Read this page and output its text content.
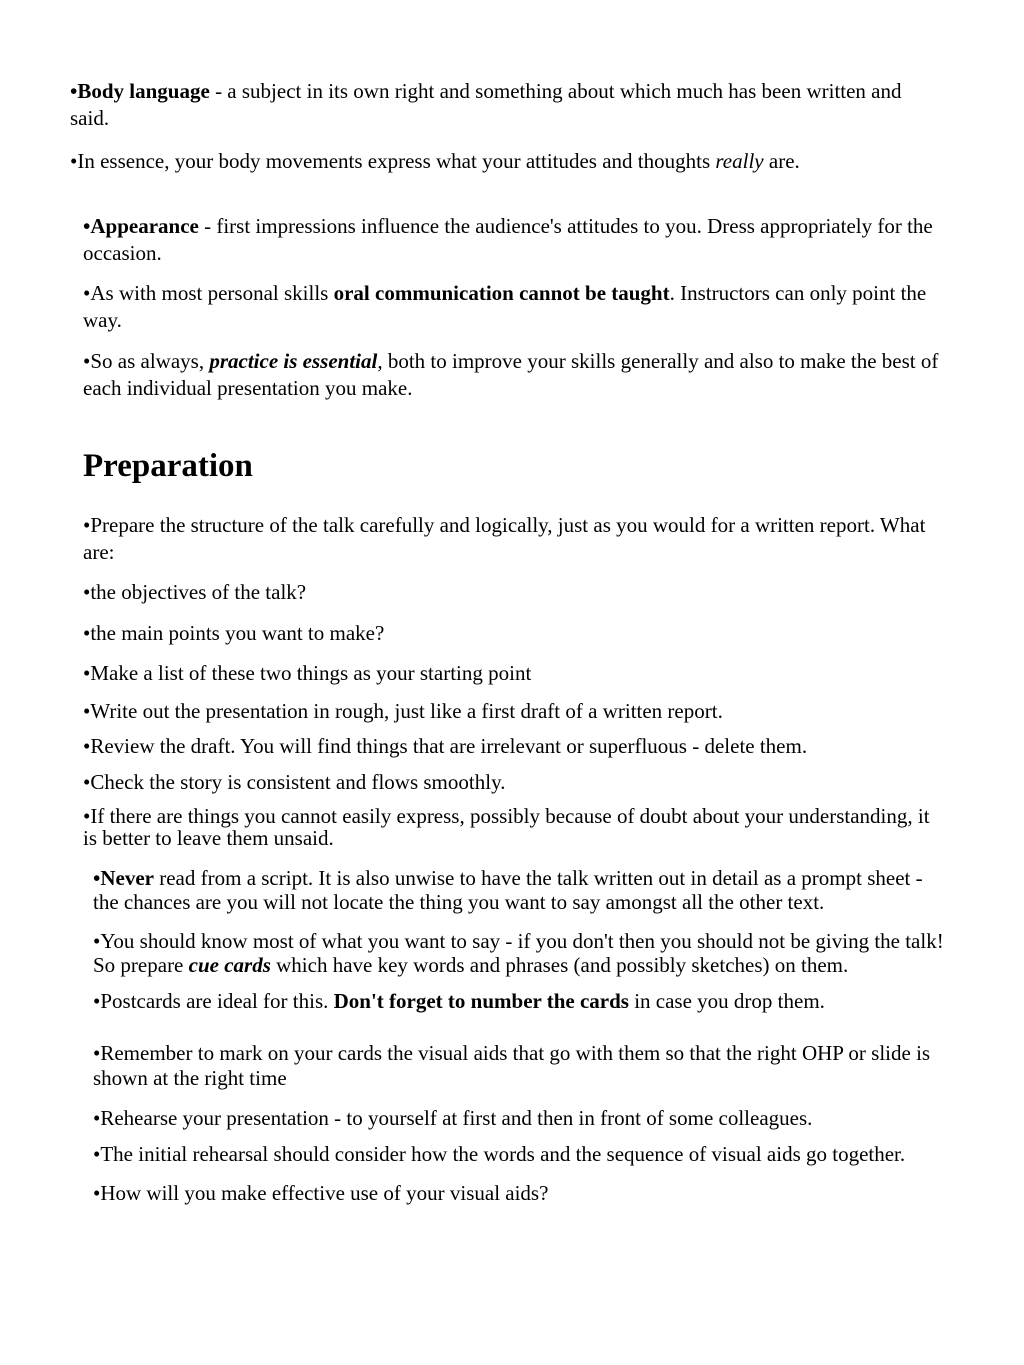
•Body language - a subject in its own right and something about which much has been written and said.

•In essence, your body movements express what your attitudes and thoughts really are.

•Appearance - first impressions influence the audience's attitudes to you. Dress appropriately for the occasion.

•As with most personal skills oral communication cannot be taught. Instructors can only point the way.

•So as always, practice is essential, both to improve your skills generally and also to make the best of each individual presentation you make.

Preparation

•Prepare the structure of the talk carefully and logically, just as you would for a written report. What are:

•the objectives of the talk?

•the main points you want to make?

•Make a list of these two things as your starting point

•Write out the presentation in rough, just like a first draft of a written report.

•Review the draft. You will find things that are irrelevant or superfluous - delete them.

•Check the story is consistent and flows smoothly.

•If there are things you cannot easily express, possibly because of doubt about your understanding, it is better to leave them unsaid.

•Never read from a script. It is also unwise to have the talk written out in detail as a prompt sheet - the chances are you will not locate the thing you want to say amongst all the other text.

•You should know most of what you want to say - if you don't then you should not be giving the talk! So prepare cue cards which have key words and phrases (and possibly sketches) on them.

•Postcards are ideal for this. Don't forget to number the cards in case you drop them.

•Remember to mark on your cards the visual aids that go with them so that the right OHP or slide is shown at the right time

•Rehearse your presentation - to yourself at first and then in front of some colleagues.

•The initial rehearsal should consider how the words and the sequence of visual aids go together.

•How will you make effective use of your visual aids?
